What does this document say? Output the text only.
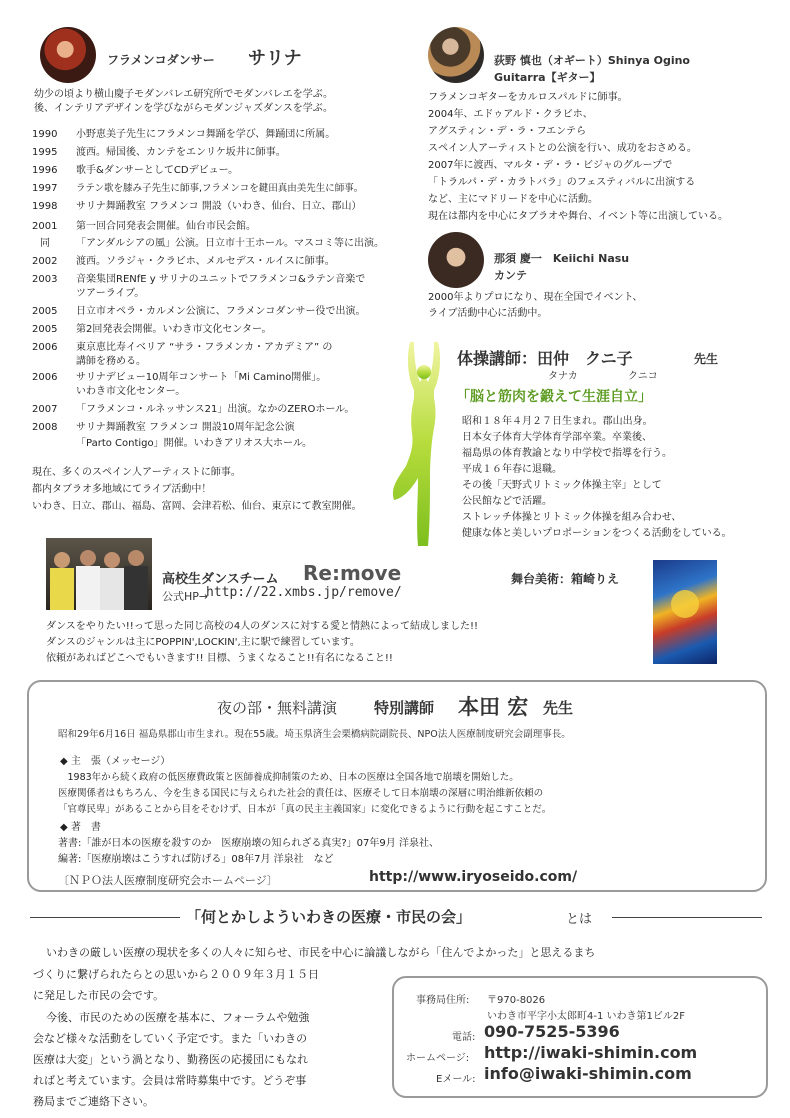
フラメンコダンサー サリナ
幼少の頃より横山慶子モダンバレエ研究所でモダンバレエを学ぶ。
後、インテリアデザインを学びながらモダンジャズダンスを学ぶ。
1990	小野恵美子先生にフラメンコ舞踊を学び、舞踊団に所属。
1995	渡西。帰国後、カンテをエンリケ坂井に師事。
1996	歌手&ダンサーとしてCDデビュー。
1997	ラテン歌を膝み子先生に師事,フラメンコを鍵田真由美先生に師事。
1998	サリナ舞踊教室 フラメンコ 開設（いわき、仙台、日立、郡山）
2001	第一回合同発表会開催。仙台市民会館。
同	「アンダルシアの風」公演。日立市十王ホール。マスコミ等に出演。
2002	渡西。ソラジャ・クラビホ、メルセデス・ルイスに師事。
2003	音楽集団RENfE y サリナのユニットでフラメンコ&ラテン音楽で
ツアーライブ。
2005	日立市オペラ・カルメン公演に、フラメンコダンサー役で出演。
2005	第2回発表会開催。いわき市文化センター。
2006	東京恵比寿イベリア “サラ・フラメンカ・アカデミア” の
講師を務める。
2006	サリナデビュー10周年コンサート「Mi Camino開催」。
いわき市文化センター。
2007	「フラメンコ・ルネッサンス21」出演。なかのZEROホール。
2008	サリナ舞踊教室 フラメンコ 開設10周年記念公演
「Parto Contigo」開催。いわきアリオス大ホール。
現在、多くのスペイン人アーティストに師事。
都内タブラオ多地域にてライブ活動中！
いわき、日立、郡山、福島、富岡、会津若松、仙台、東京にて教室開催。
荻野 慎也（オギート）Shinya Ogino
Guitarra【ギター】
フラメンコギターをカルロスパルドに師事。
2004年、エドゥアルド・クラビホ、
アグスティン・デ・ラ・フエンテら
スペイン人アーティストとの公演を行い、成功をおさめる。
2007年に渡西、マルタ・デ・ラ・ビジャのグループで
「トラルパ・デ・カラトバラ」のフェスティバルに出演する
など、主にマドリードを中心に活動。
現在は都内を中心にタブラオや舞台、イベント等に出演している。
那須 慶一　Keiichi Nasu
カンテ
2000年よりプロになり、現在全国でイベント、
ライブ活動中心に活動中。
体操講師：田仲　クニ子	先生
タナカ	クニコ
「脳と筋肉を鍛えて生涯自立」
昭和１８年４月２７日生まれ。郡山出身。
日本女子体育大学体育学部卒業。卒業後、
福島県の体育教諭となり中学校で指導を行う。
平成１６年春に退職。
その後「天野式リトミック体操主宰」として
公民館などで活躍。
ストレッチ体操とリトミック体操を組み合わせ、
健康な体と美しいプロポーションをつくる活動をしている。
高校生ダンスチーム Re:move
公式HP→
http://22.xmbs.jp/remove/
ダンスをやりたい!!って思った同じ高校の4人のダンスに対する愛と情熱によって結成しました!!
ダンスのジャンルは主にPOPPIN',LOCKIN',主に駅で練習しています。
依頼があればどこへでもいきます!! 目標、うまくなること!!有名になること!!
舞台美術：箱崎りえ
夜の部・無料講演 特別講師 本田 宏 先生
昭和29年6月16日 福島県郡山市生まれ。現在55歳。埼玉県済生会栗橋病院副院長、NPO法人医療制度研究会副理事長。
◆ 主　張（メッセージ）
　1983年から続く政府の低医療費政策と医師養成抑制策のため、日本の医療は全国各地で崩壊を開始した。
医療関係者はもちろん、今を生きる国民に与えられた社会的責任は、医療そして日本崩壊の深層に明治維新依頼の
「官尊民卑」があることから目をそむけず、日本が「真の民主主義国家」に変化できるように行動を起こすことだ。
◆ 著　書
著書:「誰が日本の医療を殺すのか　医療崩壊の知られざる真実?」07年9月 洋泉社、
編著:「医療崩壊はこうすれば防げる」08年7月 洋泉社　など
〔ＮＰＯ法人医療制度研究会ホームページ〕	http://www.iryoseido.com/
「何とかしよういわきの医療・市民の会」	とは
いわきの厳しい医療の現状を多くの人々に知らせ、市民を中心に論議しながら「住んでよかった」と思えるまち
づくりに繋げられたらとの思いから２００９年３月１５日
に発足した市民の会です。
今後、市民のための医療を基本に、フォーラムや勉強
会など様々な活動をしていく予定です。また「いわきの
医療は大変」という渦となり、勤務医の応援団にもなれ
ればと考えています。会員は常時募集中です。どうぞ事
務局までご連絡下さい。
事務局住所: 〒970-8026
いわき市平字小太郎町4-1 いわき第1ビル2F
電話: 090-7525-5396
ホームページ: http://iwaki-shimin.com
Eメール: info@iwaki-shimin.com
